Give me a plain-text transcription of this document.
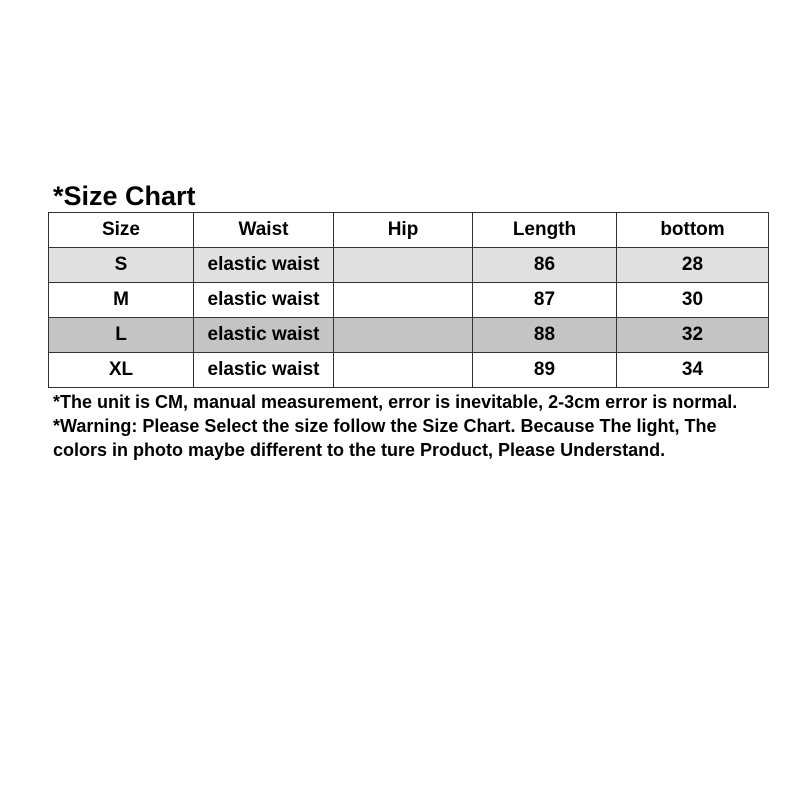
*Size Chart
Size	Waist	Hip	Length	bottom
S	elastic waist		86	28
M	elastic waist		87	30
L	elastic waist		88	32
XL	elastic waist		89	34
*The unit is CM, manual measurement, error is inevitable, 2-3cm error is normal. *Warning: Please Select the size follow the Size Chart. Because The light, The colors in photo maybe different to the ture Product, Please Understand.
